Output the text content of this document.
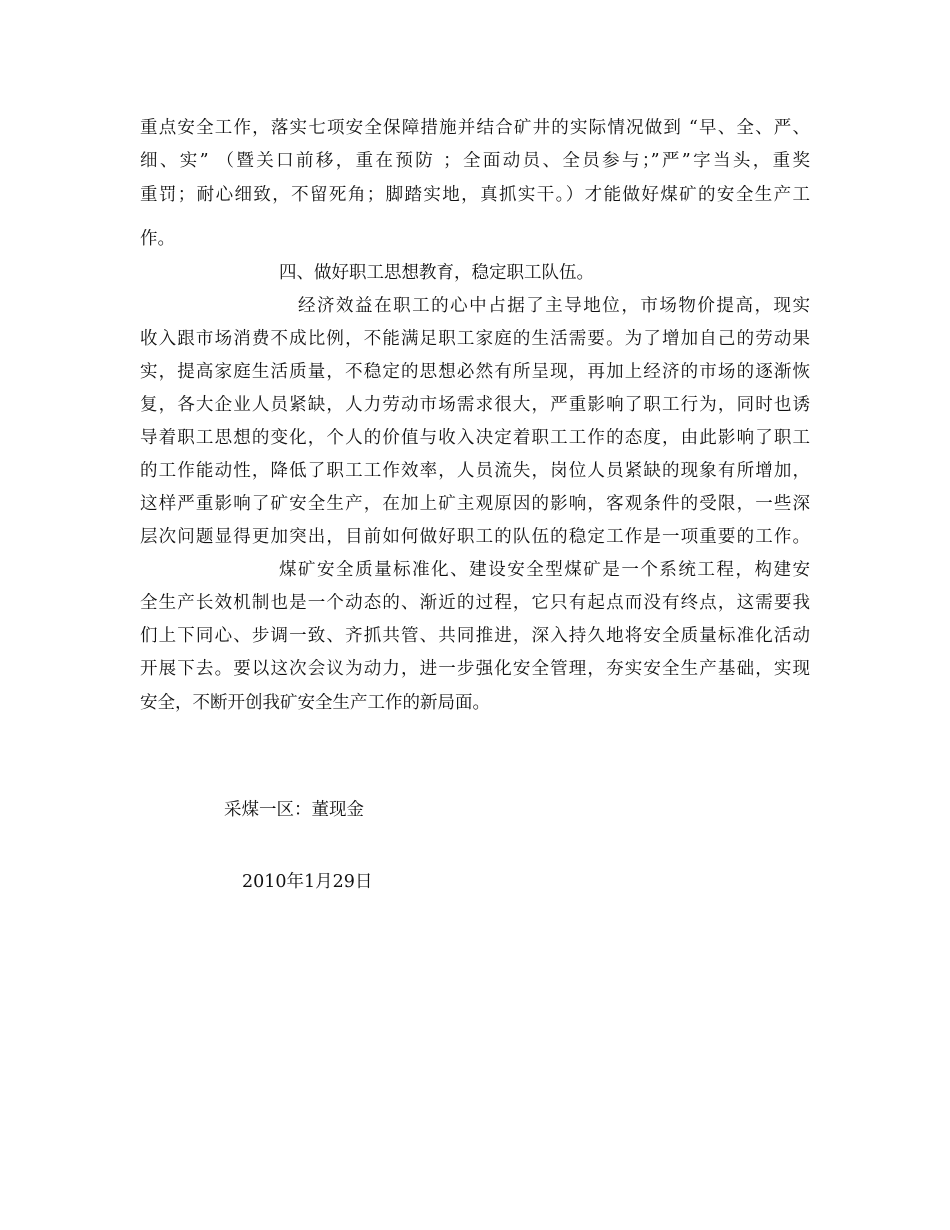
重点安全工作，落实七项安全保障措施并结合矿井的实际情况做到 “早、全、严、
细、实” （暨关口前移，重在预防 ；全面动员、全员参与；”严”字当头，重奖
重罚；耐心细致，不留死角；脚踏实地，真抓实干。）才能做好煤矿的安全生产工
作。
四、做好职工思想教育，稳定职工队伍。
经济效益在职工的心中占据了主导地位，市场物价提高，现实
收入跟市场消费不成比例，不能满足职工家庭的生活需要。为了增加自己的劳动果
实，提高家庭生活质量，不稳定的思想必然有所呈现，再加上经济的市场的逐渐恢
复，各大企业人员紧缺，人力劳动市场需求很大，严重影响了职工行为，同时也诱
导着职工思想的变化，个人的价值与收入决定着职工工作的态度，由此影响了职工
的工作能动性，降低了职工工作效率，人员流失，岗位人员紧缺的现象有所增加，
这样严重影响了矿安全生产，在加上矿主观原因的影响，客观条件的受限，一些深
层次问题显得更加突出，目前如何做好职工的队伍的稳定工作是一项重要的工作。
煤矿安全质量标准化、建设安全型煤矿是一个系统工程，构建安
全生产长效机制也是一个动态的、渐近的过程，它只有起点而没有终点，这需要我
们上下同心、步调一致、齐抓共管、共同推进，深入持久地将安全质量标准化活动
开展下去。要以这次会议为动力，进一步强化安全管理，夯实安全生产基础，实现
安全，不断开创我矿安全生产工作的新局面。
采煤一区：董现金
2010年1月29日
